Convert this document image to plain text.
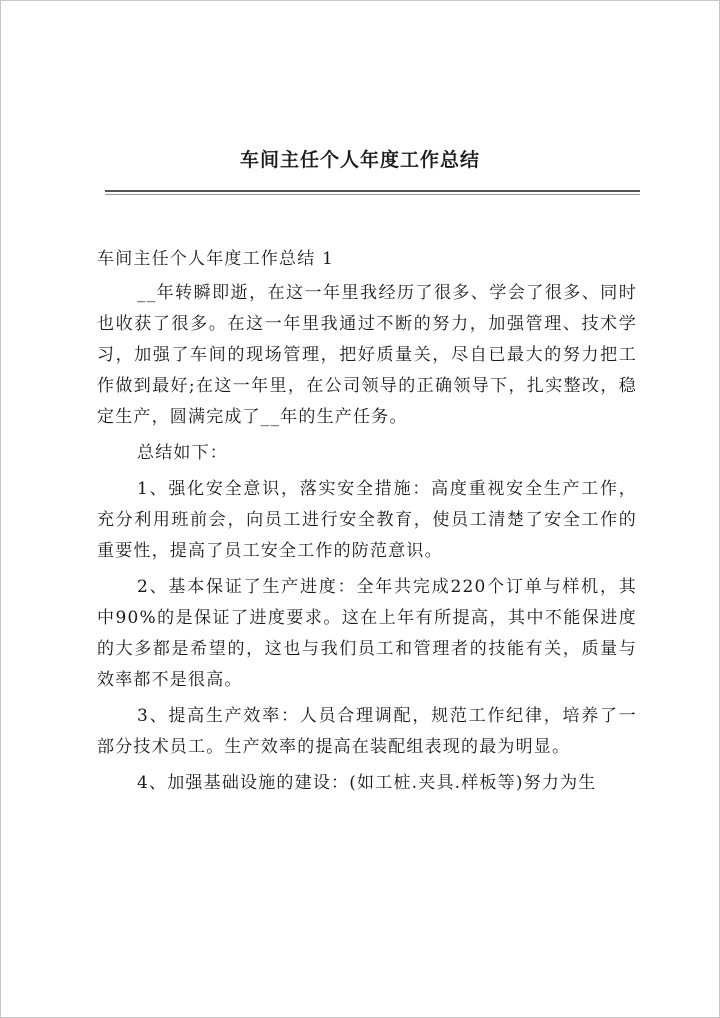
车间主任个人年度工作总结
车间主任个人年度工作总结 1

__年转瞬即逝，在这一年里我经历了很多、学会了很多、同时也收获了很多。在这一年里我通过不断的努力，加强管理、技术学习，加强了车间的现场管理，把好质量关，尽自已最大的努力把工作做到最好;在这一年里，在公司领导的正确领导下，扎实整改，稳定生产，圆满完成了__年的生产任务。

总结如下：

1、强化安全意识，落实安全措施：高度重视安全生产工作，充分利用班前会，向员工进行安全教育，使员工清楚了安全工作的重要性，提高了员工安全工作的防范意识。

2、基本保证了生产进度：全年共完成220个订单与样机，其中90%的是保证了进度要求。这在上年有所提高，其中不能保进度的大多都是希望的，这也与我们员工和管理者的技能有关，质量与效率都不是很高。

3、提高生产效率：人员合理调配，规范工作纪律，培养了一部分技术员工。生产效率的提高在装配组表现的最为明显。

4、加强基础设施的建设：(如工桩.夹具.样板等)努力为生
